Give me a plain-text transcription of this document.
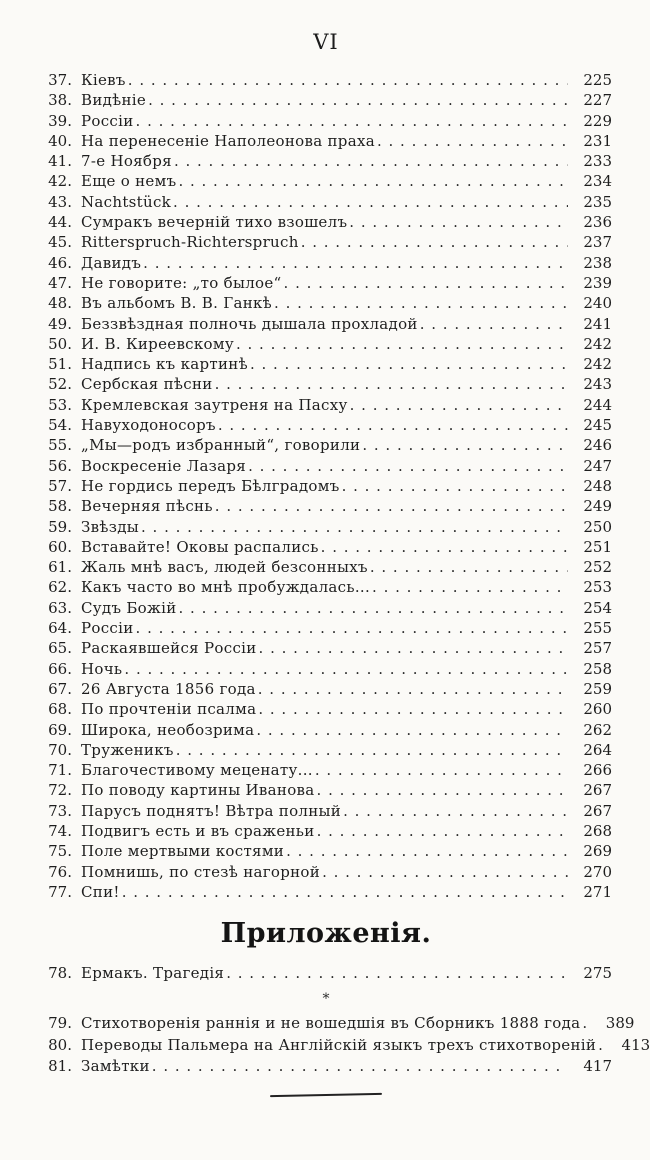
VI
37. Кіевъ . . .	225
38. Видѣніе . . .	227
39. Россіи . . .	229
40. На перенесеніе Наполеонова праха . . .	231
41. 7-е Ноября . . .	233
42. Еще о немъ . . .	234
43. Nachtstück . . .	235
44. Сумракъ вечерній тихо взошелъ . . .	236
45. Ritterspruch-Richterspruch . . .	237
46. Давидъ . . .	238
47. Не говорите: „то былое“ . . .	239
48. Въ альбомъ В. В. Ганкѣ . . .	240
49. Беззвѣздная полночь дышала прохладой . . .	241
50. И. В. Киреевскому . . .	242
51. Надпись къ картинѣ . . .	242
52. Сербская пѣсни . . .	243
53. Кремлевская заутреня на Пасху . . .	244
54. Навуходоносоръ . . .	245
55. „Мы—родъ избранный“, говорили . . .	246
56. Воскресеніе Лазаря . . .	247
57. Не гордись передъ Бѣлградомъ . . .	248
58. Вечерняя пѣснь . . .	249
59. Звѣзды . . .	250
60. Вставайте! Оковы распались . . .	251
61. Жаль мнѣ васъ, людей безсонныхъ . . .	252
62. Какъ часто во мнѣ пробуждалась... . . .	253
63. Судъ Божій . . .	254
64. Россіи . . .	255
65. Раскаявшейся Россіи . . .	257
66. Ночь . . .	258
67. 26 Августа 1856 года . . .	259
68. По прочтеніи псалма . . .	260
69. Широка, необозрима . . .	262
70. Труженикъ . . .	264
71. Благочестивому меценату... . . .	266
72. По поводу картины Иванова . . .	267
73. Парусъ поднятъ! Вѣтра полный . . .	267
74. Подвигъ есть и въ сраженьи . . .	268
75. Поле мертвыми костями . . .	269
76. Помнишь, по стезѣ нагорной . . .	270
77. Спи! . . .	271
Приложенія.
78. Ермакъ. Трагедія . . .	275
*
79. Стихотворенія раннія и не вошедшія въ Сборникъ 1888 года . . .	389
80. Переводы Пальмера на Англійскій языкъ трехъ стихотвореній . . .	413
81. Замѣтки . . .	417
